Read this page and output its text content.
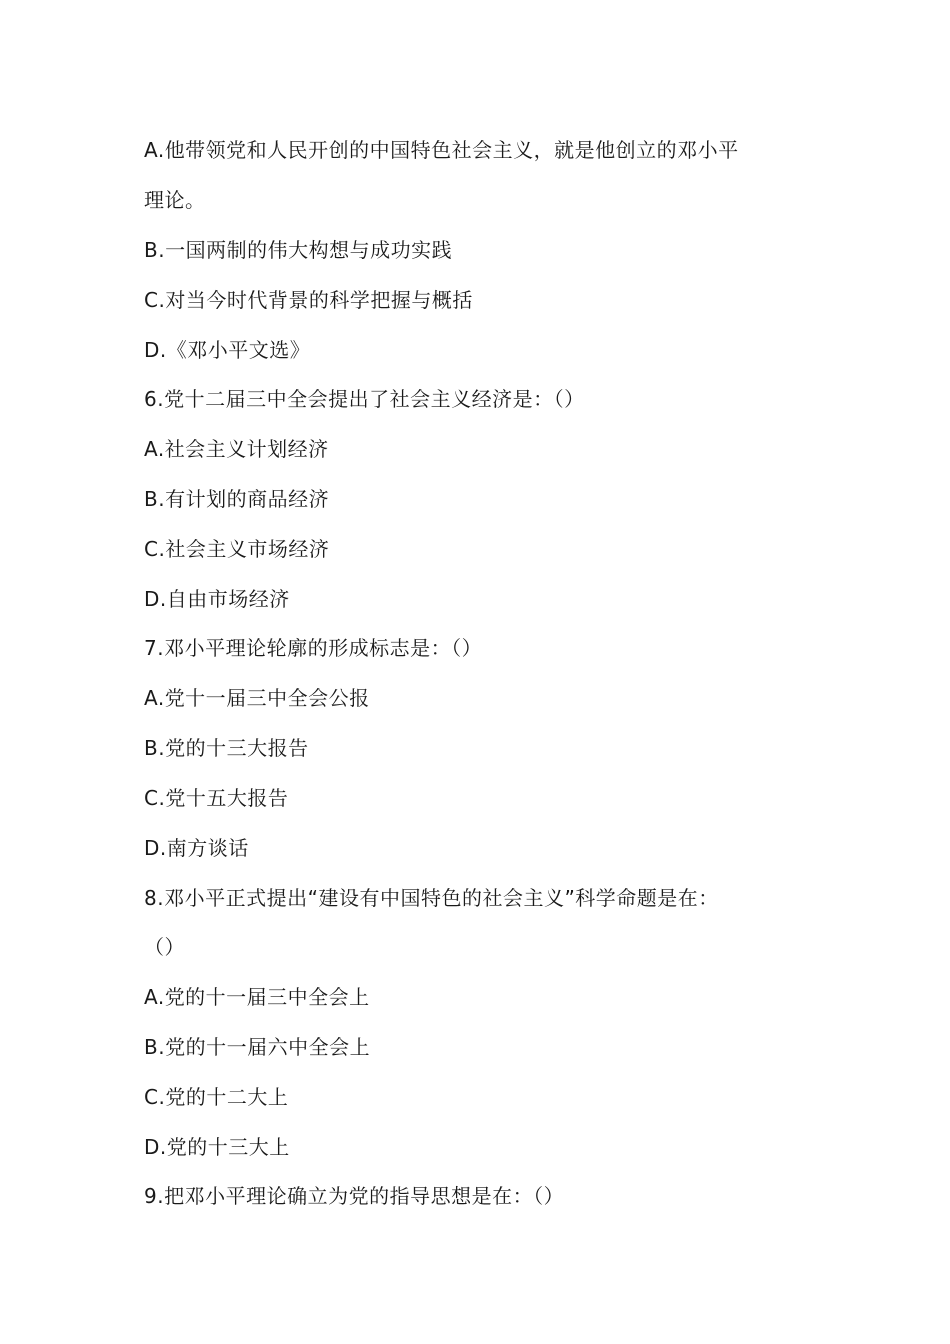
A.他带领党和人民开创的中国特色社会主义，就是他创立的邓小平
理论。
B.一国两制的伟大构想与成功实践
C.对当今时代背景的科学把握与概括
D.《邓小平文选》
6.党十二届三中全会提出了社会主义经济是：（）
A.社会主义计划经济
B.有计划的商品经济
C.社会主义市场经济
D.自由市场经济
7.邓小平理论轮廓的形成标志是：（）
A.党十一届三中全会公报
B.党的十三大报告
C.党十五大报告
D.南方谈话
8.邓小平正式提出“建设有中国特色的社会主义”科学命题是在：
（）
A.党的十一届三中全会上
B.党的十一届六中全会上
C.党的十二大上
D.党的十三大上
9.把邓小平理论确立为党的指导思想是在：（）
